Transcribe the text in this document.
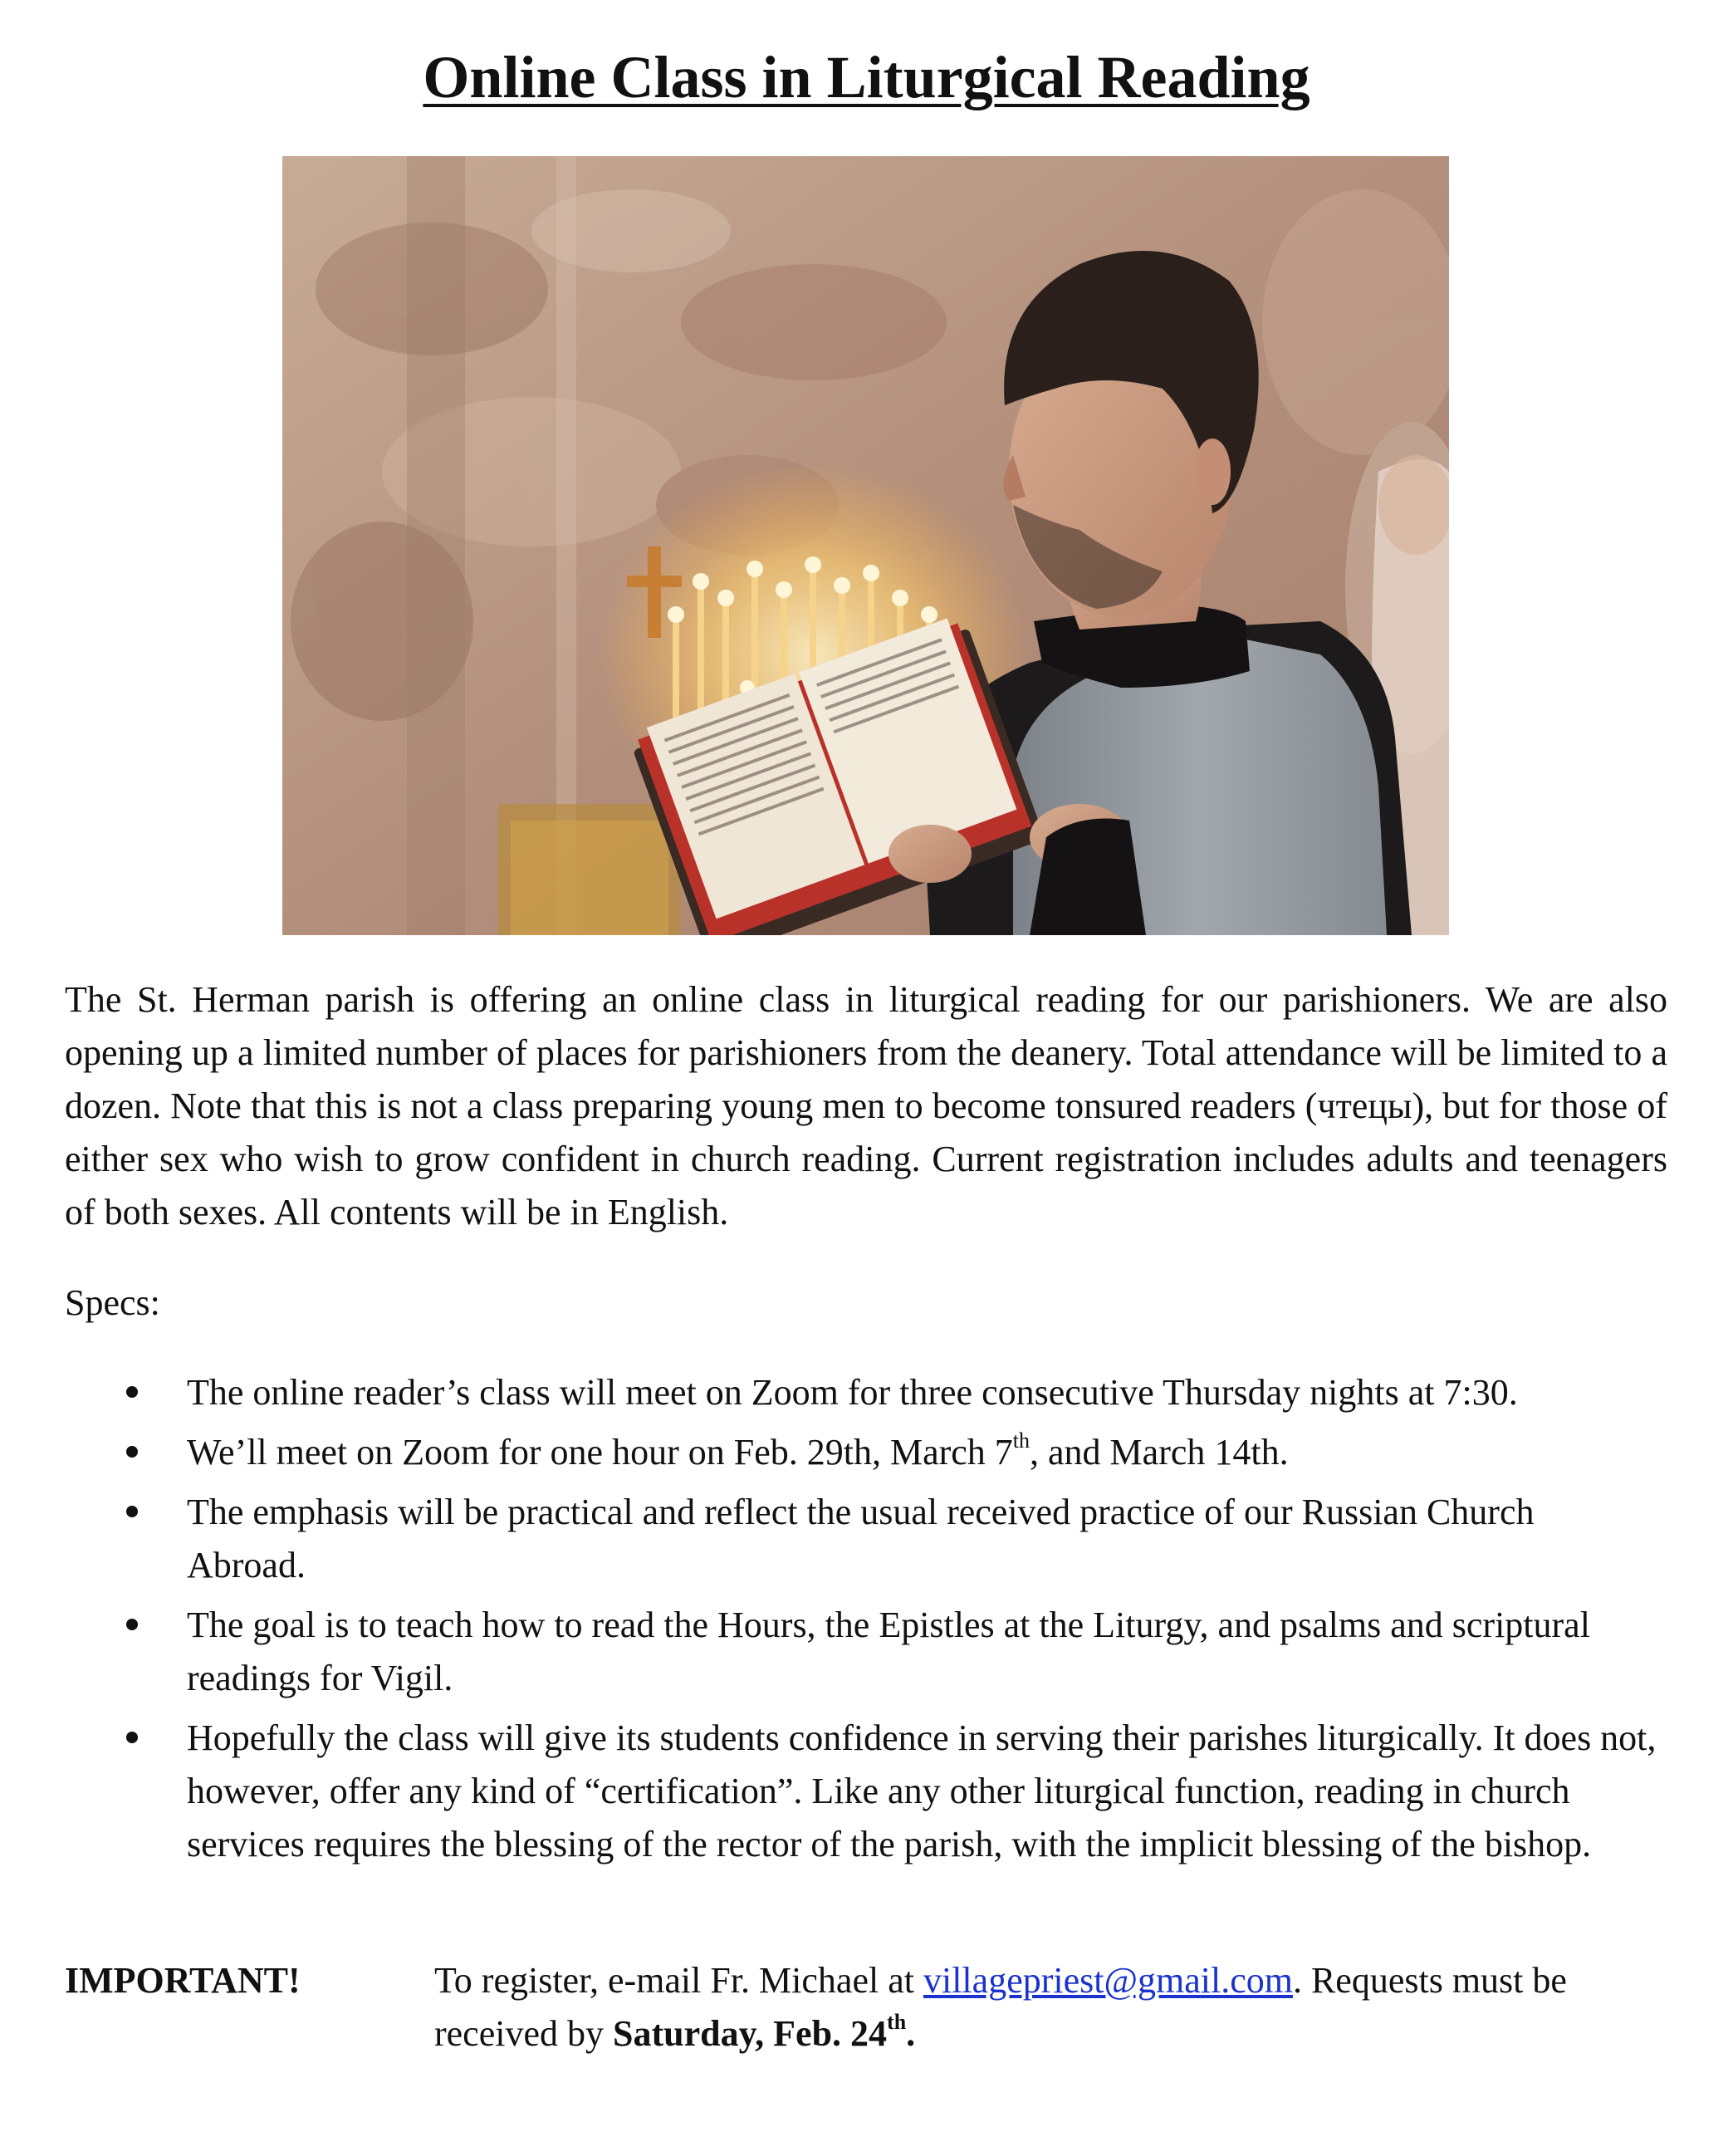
Online Class in Liturgical Reading

The St. Herman parish is offering an online class in liturgical reading for our parishioners. We are also opening up a limited number of places for parishioners from the deanery. Total attendance will be limited to a dozen. Note that this is not a class preparing young men to become tonsured readers (чтецы), but for those of either sex who wish to grow confident in church reading. Current registration includes adults and teenagers of both sexes. All contents will be in English.

Specs:

The online reader’s class will meet on Zoom for three consecutive Thursday nights at 7:30.
We’ll meet on Zoom for one hour on Feb. 29th, March 7th, and March 14th.
The emphasis will be practical and reflect the usual received practice of our Russian Church Abroad.
The goal is to teach how to read the Hours, the Epistles at the Liturgy, and psalms and scriptural readings for Vigil.
Hopefully the class will give its students confidence in serving their parishes liturgically. It does not, however, offer any kind of “certification”. Like any other liturgical function, reading in church services requires the blessing of the rector of the parish, with the implicit blessing of the bishop.
IMPORTANT!	To register, e-mail Fr. Michael at villagepriest@gmail.com. Requests must be received by Saturday, Feb. 24th.
